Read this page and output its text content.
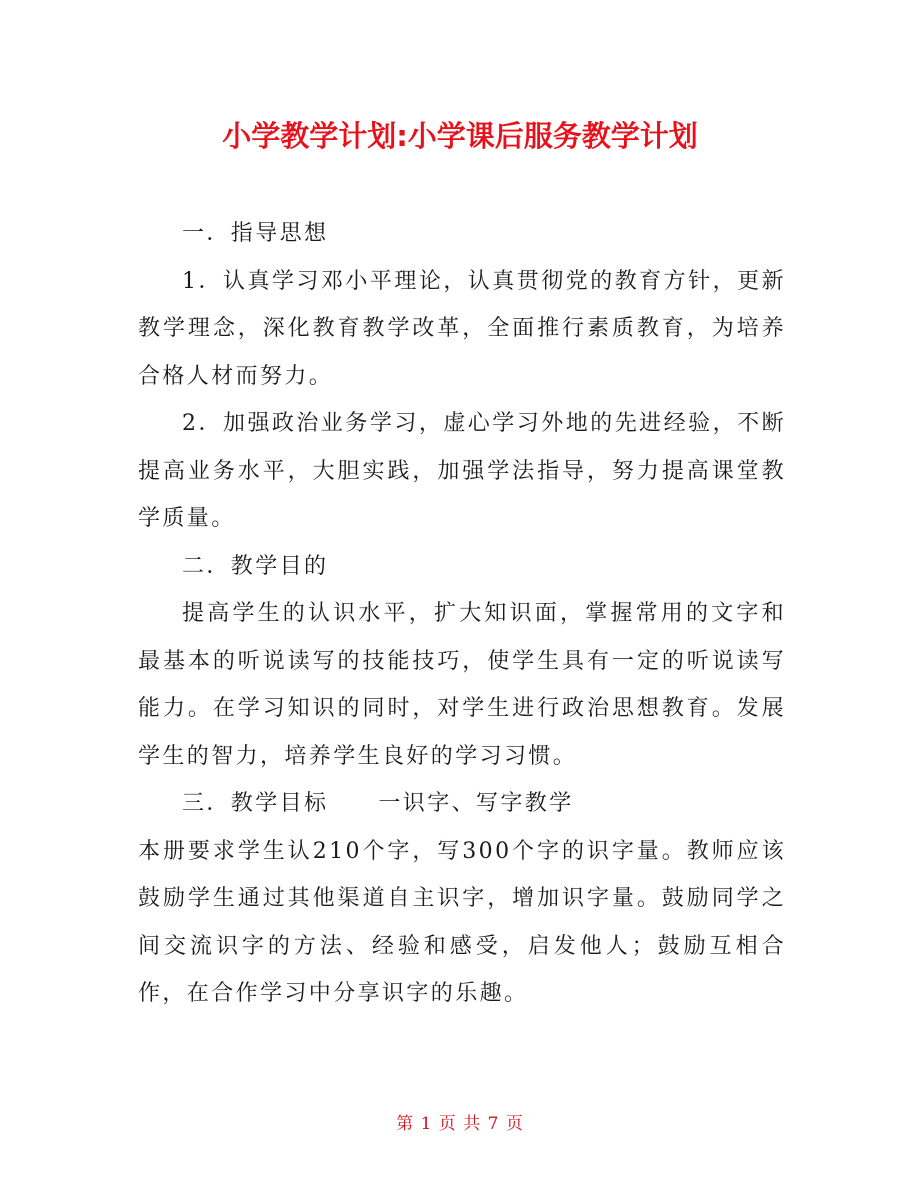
小学教学计划:小学课后服务教学计划

一．指导思想

1．认真学习邓小平理论，认真贯彻党的教育方针，更新教学理念，深化教育教学改革，全面推行素质教育，为培养合格人材而努力。

2．加强政治业务学习，虚心学习外地的先进经验，不断提高业务水平，大胆实践，加强学法指导，努力提高课堂教学质量。

二．教学目的

提高学生的认识水平，扩大知识面，掌握常用的文字和最基本的听说读写的技能技巧，使学生具有一定的听说读写能力。在学习知识的同时，对学生进行政治思想教育。发展学生的智力，培养学生良好的学习习惯。

三．教学目标 一识字、写字教学

本册要求学生认210个字，写300个字的识字量。教师应该鼓励学生通过其他渠道自主识字，增加识字量。鼓励同学之间交流识字的方法、经验和感受，启发他人；鼓励互相合作，在合作学习中分享识字的乐趣。

第 1 页 共 7 页
